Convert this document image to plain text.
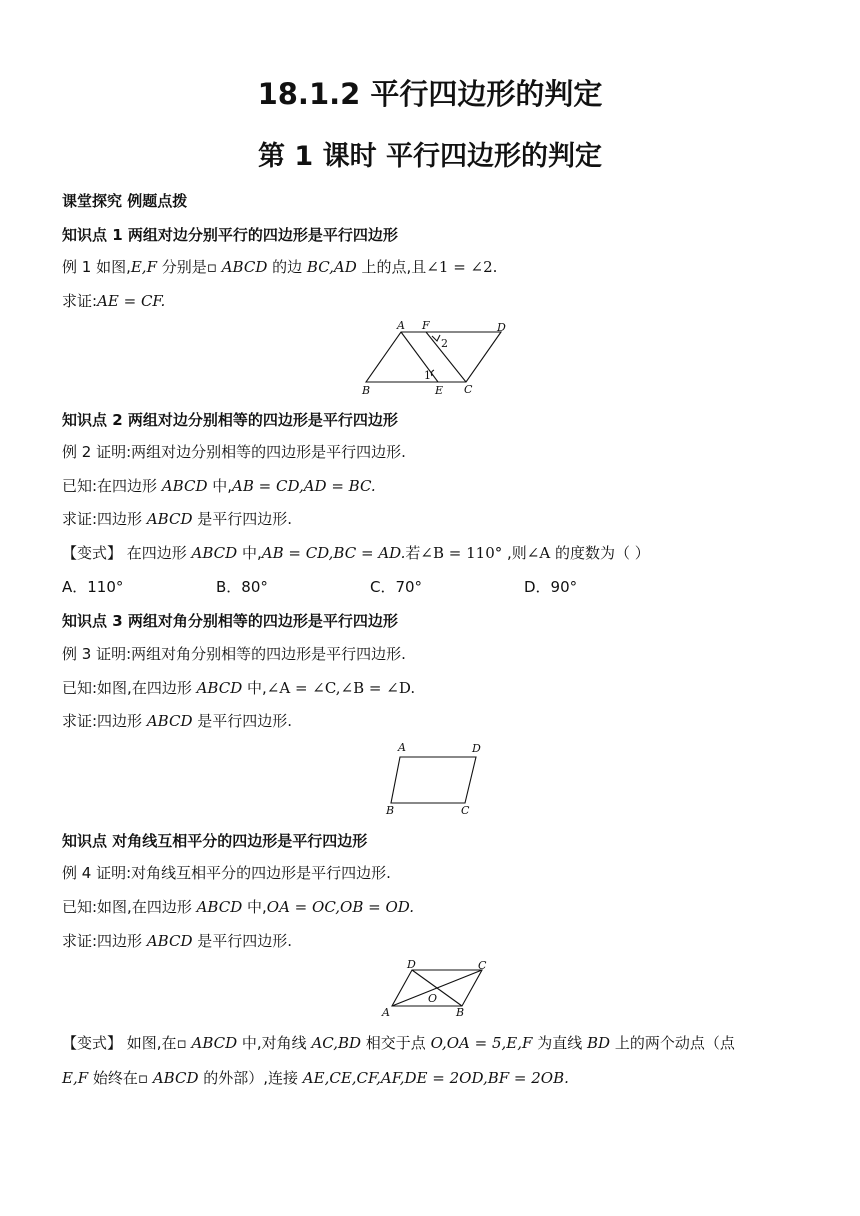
18.1.2 平行四边形的判定
第 1 课时 平行四边形的判定
课堂探究 例题点拨
知识点 1 两组对边分别平行的四边形是平行四边形
例 1 如图,E,F 分别是▫ ABCD 的边 BC,AD 上的点,且∠1 = ∠2.
求证:AE = CF.
A F	D
B	E C
1
2
知识点 2 两组对边分别相等的四边形是平行四边形
例 2 证明:两组对边分别相等的四边形是平行四边形.
已知:在四边形 ABCD 中,AB = CD,AD = BC.
求证:四边形 ABCD 是平行四边形.
【变式】 在四边形 ABCD 中,AB = CD,BC = AD.若∠B = 110° ,则∠A 的度数为（ ）
A．110°	B．80°	C．70°	D．90°
知识点 3 两组对角分别相等的四边形是平行四边形
例 3 证明:两组对角分别相等的四边形是平行四边形.
已知:如图,在四边形 ABCD 中,∠A = ∠C,∠B = ∠D.
求证:四边形 ABCD 是平行四边形.
A	D
B	C
知识点 对角线互相平分的四边形是平行四边形
例 4 证明:对角线互相平分的四边形是平行四边形.
已知:如图,在四边形 ABCD 中,OA = OC,OB = OD.
求证:四边形 ABCD 是平行四边形.
D	C
O
A	B
【变式】 如图,在▫ ABCD 中,对角线 AC,BD 相交于点 O,OA = 5,E,F 为直线 BD 上的两个动点（点
E,F 始终在▫ ABCD 的外部）,连接 AE,CE,CF,AF,DE = 2OD,BF = 2OB.
